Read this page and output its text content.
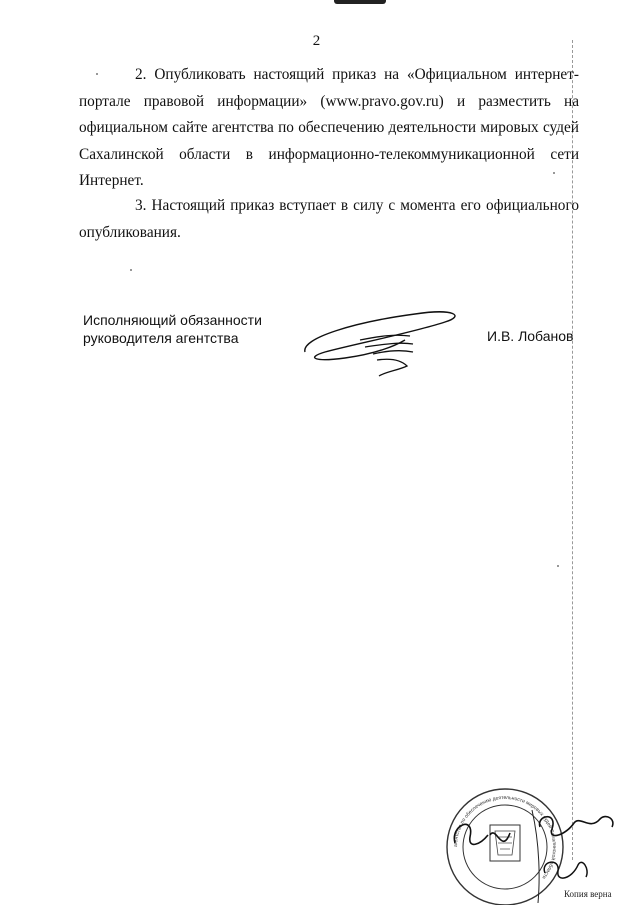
2

2. Опубликовать настоящий приказ на «Официальном интернет-портале правовой информации» (www.pravo.gov.ru) и разместить на официальном сайте агентства по обеспечению деятельности мировых судей Сахалинской области в информационно-телекоммуникационной сети Интернет.

3. Настоящий приказ вступает в силу с момента его официального опубликования.

Исполняющий обязанности
руководителя агентства	И.В. Лобанов
агентство по обеспечению деятельности мировых судей Сахалинской области
Копия верна
